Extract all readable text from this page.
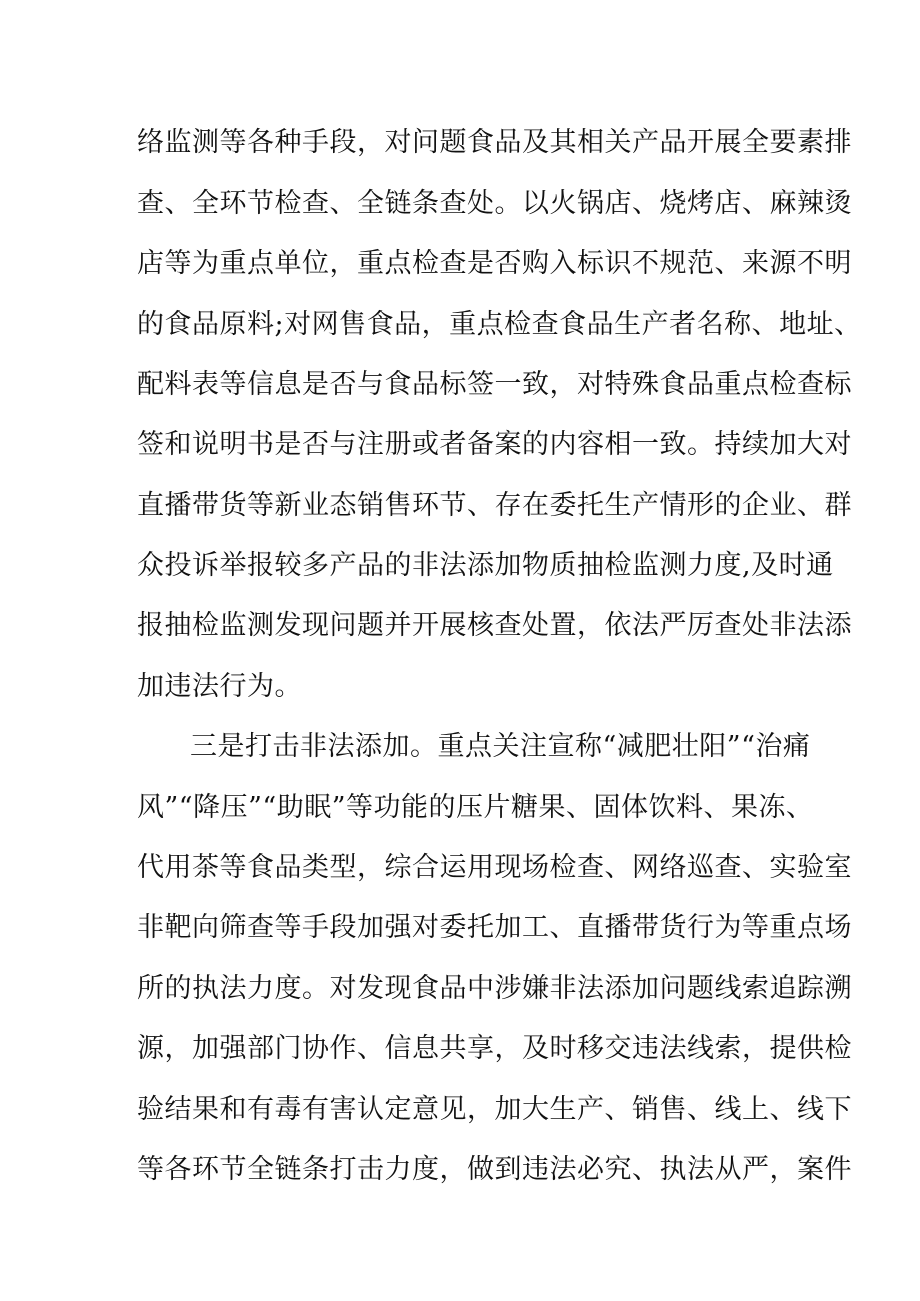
络监测等各种手段，对问题食品及其相关产品开展全要素排
查、全环节检查、全链条查处。以火锅店、烧烤店、麻辣烫
店等为重点单位，重点检查是否购入标识不规范、来源不明
的食品原料;对网售食品，重点检查食品生产者名称、地址、
配料表等信息是否与食品标签一致，对特殊食品重点检查标
签和说明书是否与注册或者备案的内容相一致。持续加大对
直播带货等新业态销售环节、存在委托生产情形的企业、群
众投诉举报较多产品的非法添加物质抽检监测力度,及时通
报抽检监测发现问题并开展核查处置，依法严厉查处非法添
加违法行为。
三是打击非法添加。重点关注宣称“减肥壮阳”“治痛
风”“降压”“助眠”等功能的压片糖果、固体饮料、果冻、
代用茶等食品类型，综合运用现场检查、网络巡查、实验室
非靶向筛查等手段加强对委托加工、直播带货行为等重点场
所的执法力度。对发现食品中涉嫌非法添加问题线索追踪溯
源，加强部门协作、信息共享，及时移交违法线索，提供检
验结果和有毒有害认定意见，加大生产、销售、线上、线下
等各环节全链条打击力度，做到违法必究、执法从严，案件
